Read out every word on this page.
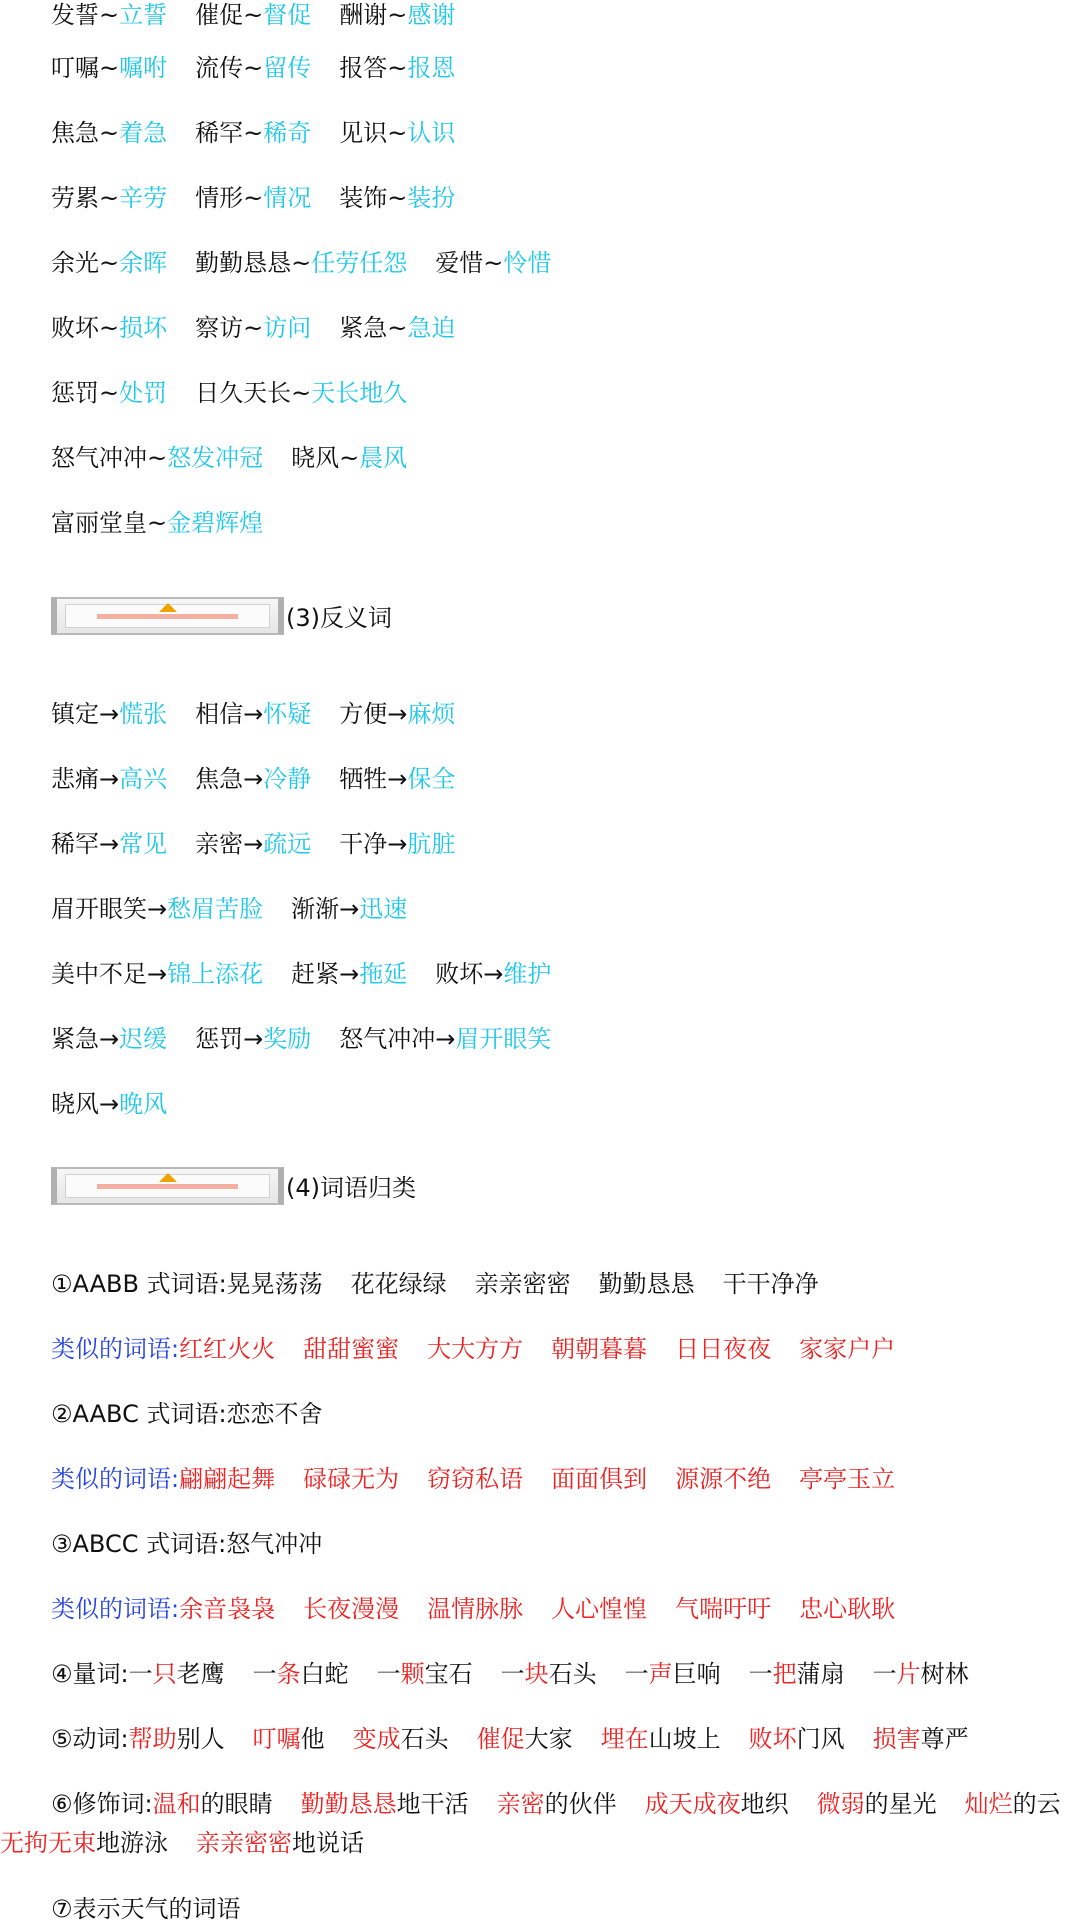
发誓~立誓 催促~督促 酬谢~感谢
叮嘱~嘱咐 流传~留传 报答~报恩
焦急~着急 稀罕~稀奇 见识~认识
劳累~辛劳 情形~情况 装饰~装扮
余光~余晖 勤勤恳恳~任劳任怨 爱惜~怜惜
败坏~损坏 察访~访问 紧急~急迫
惩罚~处罚 日久天长~天长地久
怒气冲冲~怒发冲冠 晓风~晨风
富丽堂皇~金碧辉煌
镇定→慌张 相信→怀疑 方便→麻烦
悲痛→高兴 焦急→冷静 牺牲→保全
稀罕→常见 亲密→疏远 干净→肮脏
眉开眼笑→愁眉苦脸 渐渐→迅速
美中不足→锦上添花 赶紧→拖延 败坏→维护
紧急→迟缓 惩罚→奖励 怒气冲冲→眉开眼笑
晓风→晚风
①AABB 式词语:晃晃荡荡 花花绿绿 亲亲密密 勤勤恳恳 干干净净
类似的词语:红红火火 甜甜蜜蜜 大大方方 朝朝暮暮 日日夜夜 家家户户
②AABC 式词语:恋恋不舍
类似的词语:翩翩起舞 碌碌无为 窃窃私语 面面俱到 源源不绝 亭亭玉立
③ABCC 式词语:怒气冲冲
类似的词语:余音袅袅 长夜漫漫 温情脉脉 人心惶惶 气喘吁吁 忠心耿耿
④量词:一只老鹰 一条白蛇 一颗宝石 一块石头 一声巨响 一把蒲扇 一片树林
⑤动词:帮助别人 叮嘱他 变成石头 催促大家 埋在山坡上 败坏门风 损害尊严
⑥修饰词:温和的眼睛 勤勤恳恳地干活 亲密的伙伴 成天成夜地织 微弱的星光 灿烂的云
无拘无束地游泳 亲亲密密地说话
⑦表示天气的词语
(3)反义词
(4)词语归类
